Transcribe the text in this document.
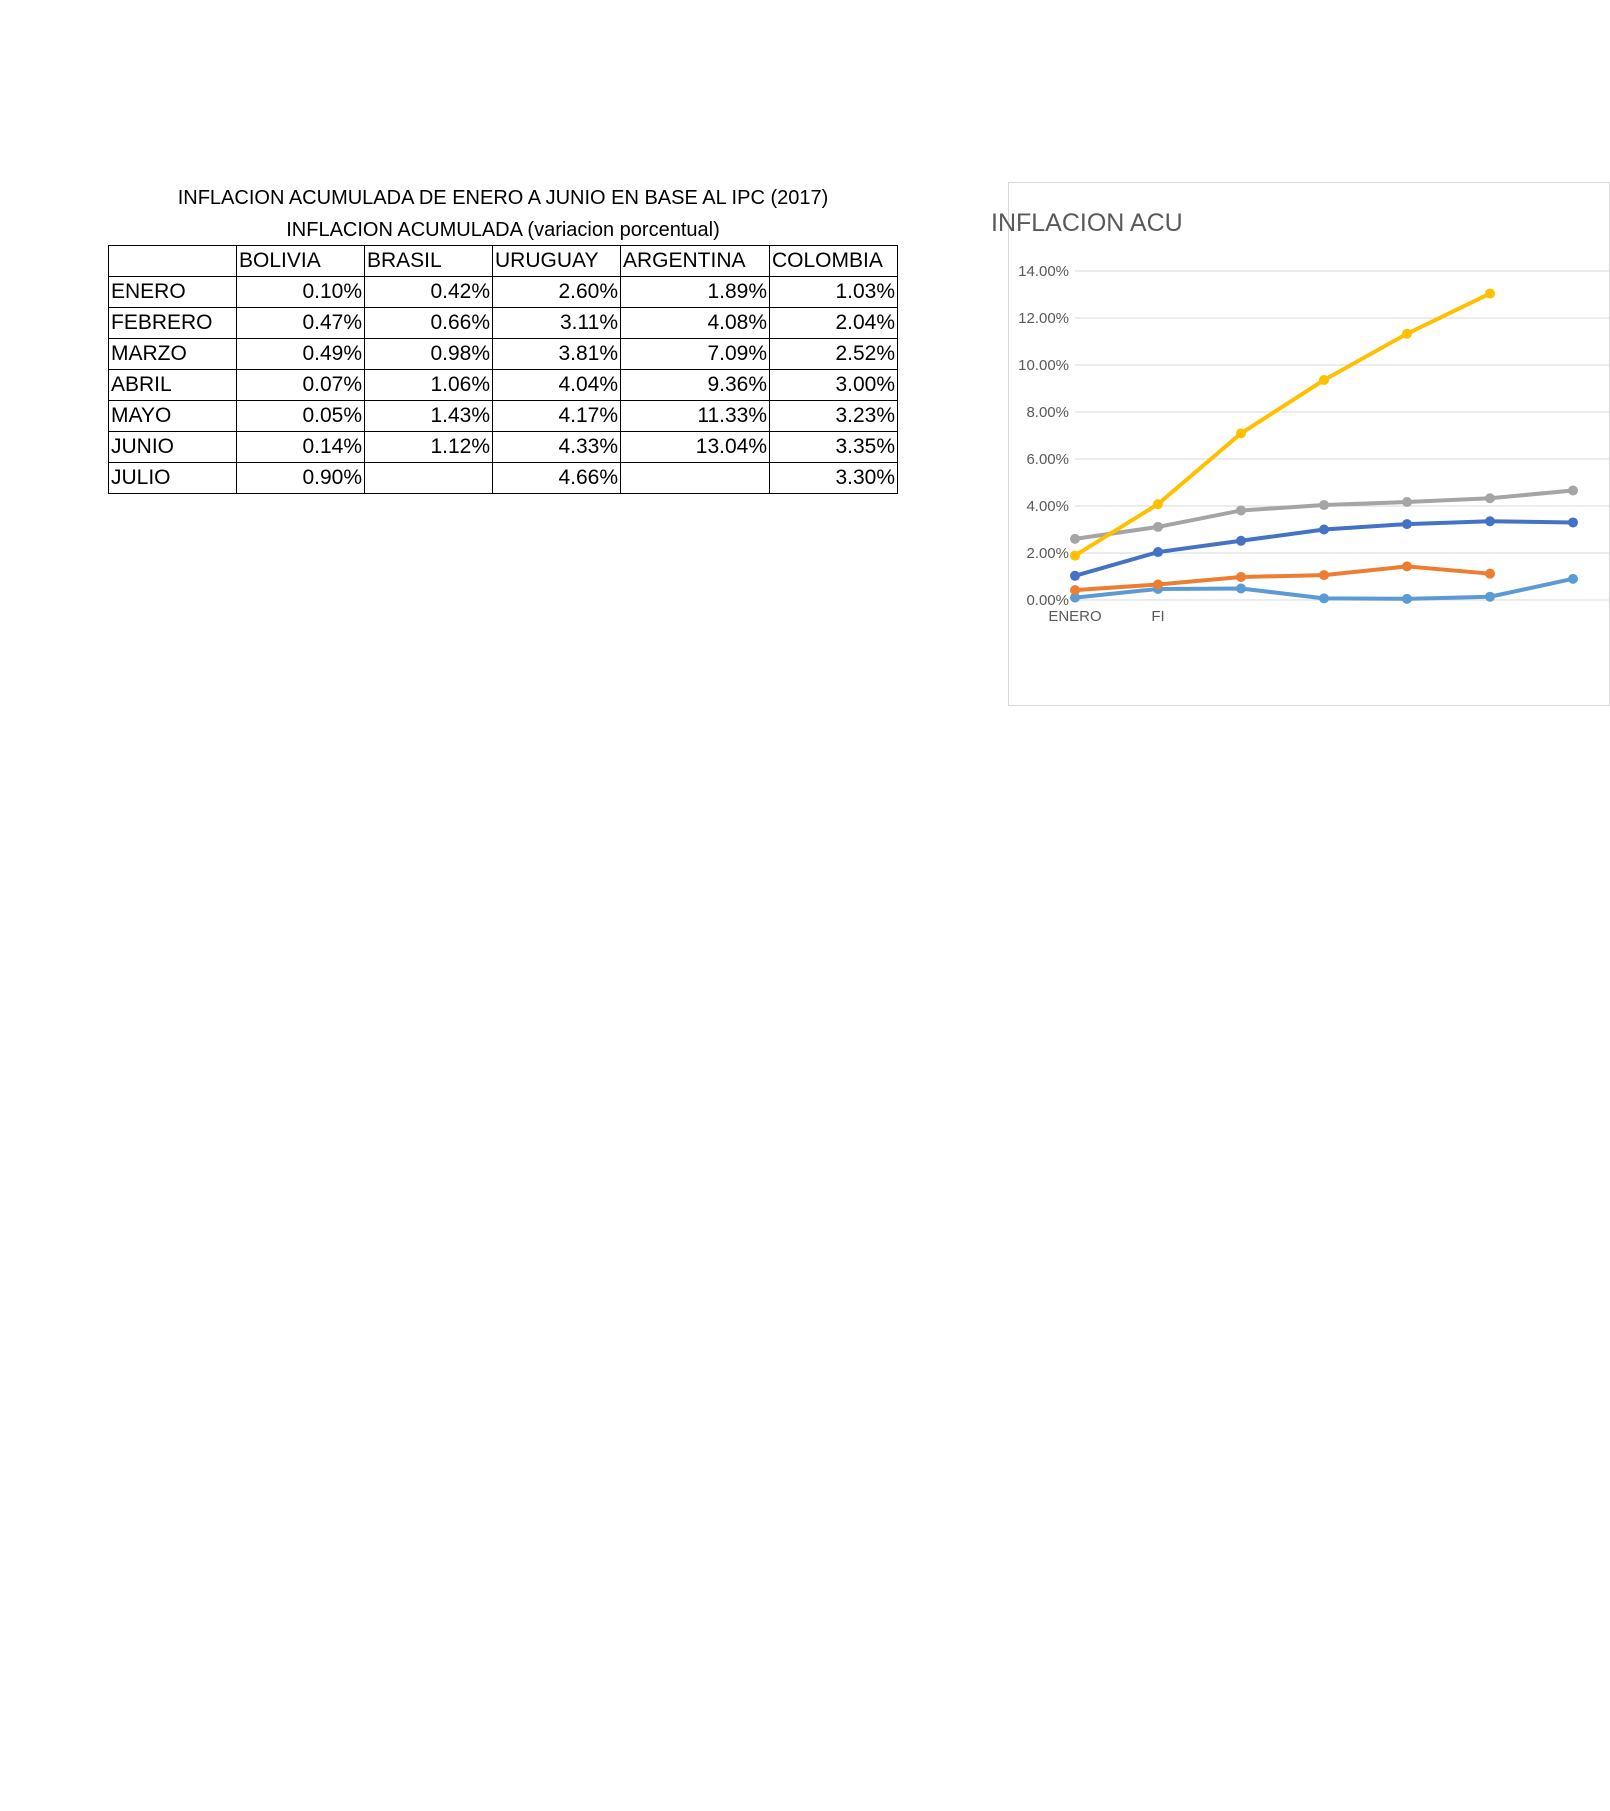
INFLACION ACUMULADA DE ENERO A JUNIO EN BASE AL IPC (2017)
INFLACION ACUMULADA (variacion porcentual)
	BOLIVIA	BRASIL	URUGUAY	ARGENTINA	COLOMBIA
ENERO	0.10%	0.42%	2.60%	1.89%	1.03%
FEBRERO	0.47%	0.66%	3.11%	4.08%	2.04%
MARZO	0.49%	0.98%	3.81%	7.09%	2.52%
ABRIL	0.07%	1.06%	4.04%	9.36%	3.00%
MAYO	0.05%	1.43%	4.17%	11.33%	3.23%
JUNIO	0.14%	1.12%	4.33%	13.04%	3.35%
JULIO	0.90%		4.66%		3.30%
INFLACION ACU
0.00%
2.00%
4.00%
6.00%
8.00%
10.00%
12.00%
14.00%
ENERO	FI
